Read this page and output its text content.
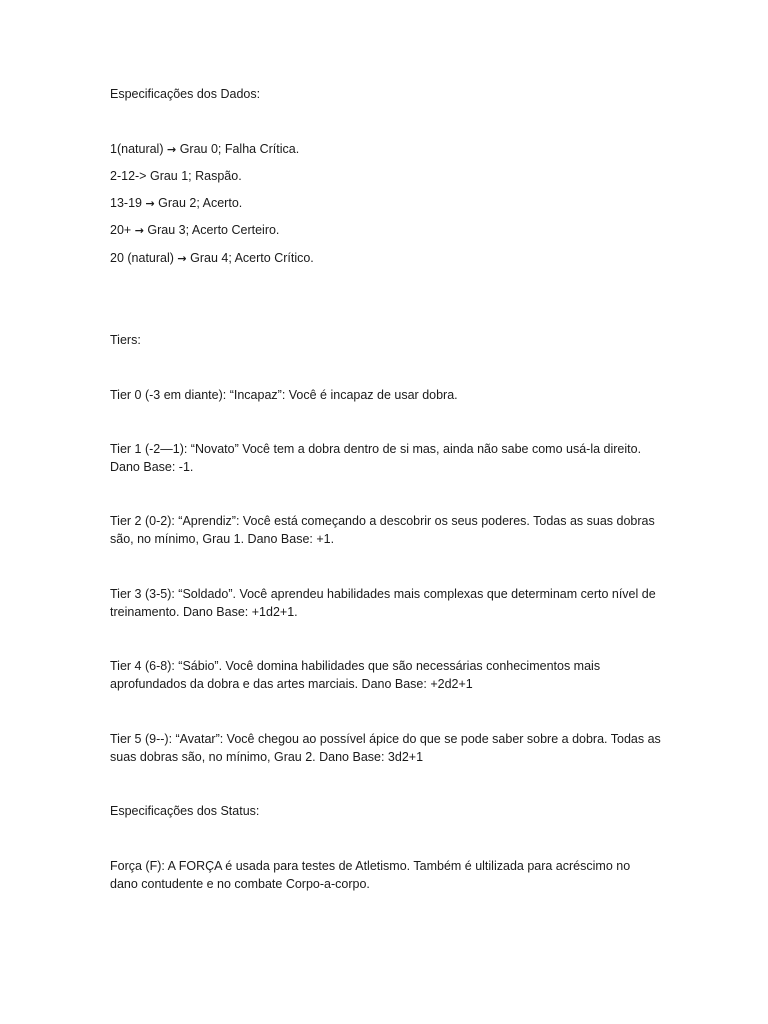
Especificações dos Dados:
1(natural) → Grau 0; Falha Crítica.
2-12-> Grau 1; Raspão.
13-19 → Grau 2; Acerto.
20+ → Grau 3; Acerto Certeiro.
20 (natural) → Grau 4; Acerto Crítico.
Tiers:
Tier 0 (-3 em diante): “Incapaz”: Você é incapaz de usar dobra.
Tier 1 (-2—1): “Novato” Você tem a dobra dentro de si mas, ainda não sabe como usá-la direito. Dano Base: -1.
Tier 2 (0-2): “Aprendiz”: Você está começando a descobrir os seus poderes. Todas as suas dobras são, no mínimo, Grau 1. Dano Base: +1.
Tier 3 (3-5): “Soldado”. Você aprendeu habilidades mais complexas que determinam certo nível de treinamento. Dano Base: +1d2+1.
Tier 4 (6-8): “Sábio”. Você domina habilidades que são necessárias conhecimentos mais aprofundados da dobra e das artes marciais. Dano Base: +2d2+1
Tier 5 (9--): “Avatar”: Você chegou ao possível ápice do que se pode saber sobre a dobra. Todas as suas dobras são, no mínimo, Grau 2. Dano Base: 3d2+1
Especificações dos Status:
Força (F): A FORÇA é usada para testes de Atletismo. Também é ultilizada para acréscimo no dano contudente e no combate Corpo-a-corpo.
